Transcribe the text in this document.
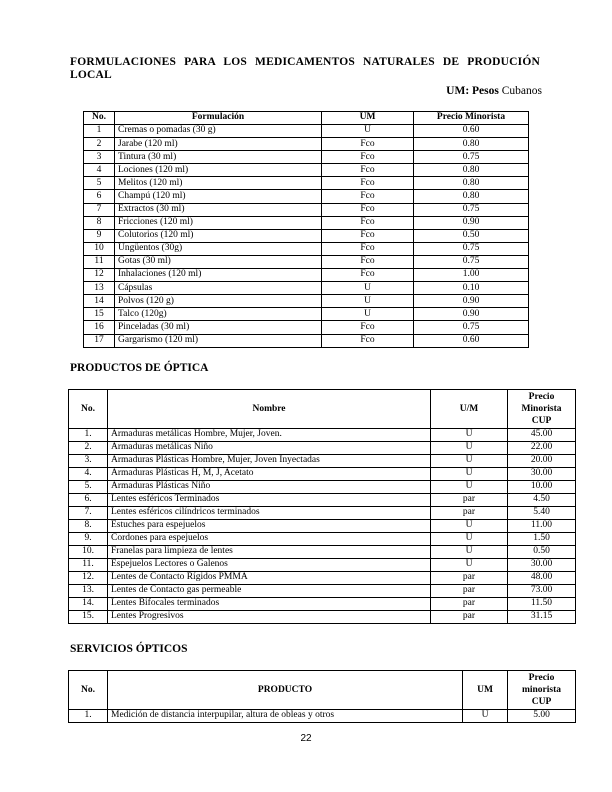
FORMULACIONES PARA LOS MEDICAMENTOS NATURALES DE PRODUCIÓN
LOCAL
UM: Pesos Cubanos
No.	Formulación	UM	Precio Minorista
1	Cremas o pomadas (30 g)	U	0.60
2	Jarabe (120 ml)	Fco	0.80
3	Tintura (30 ml)	Fco	0.75
4	Lociones (120 ml)	Fco	0.80
5	Melitos (120 ml)	Fco	0.80
6	Champú (120 ml)	Fco	0.80
7	Extractos (30 ml)	Fco	0.75
8	Fricciones (120 ml)	Fco	0.90
9	Colutorios (120 ml)	Fco	0.50
10	Ungüentos (30g)	Fco	0.75
11	Gotas (30 ml)	Fco	0.75
12	Inhalaciones (120 ml)	Fco	1.00
13	Cápsulas	U	0.10
14	Polvos (120 g)	U	0.90
15	Talco (120g)	U	0.90
16	Pinceladas (30 ml)	Fco	0.75
17	Gargarismo (120 ml)	Fco	0.60
PRODUCTOS DE ÓPTICA
No.	Nombre	U/M	Precio
Minorista
CUP
1.	Armaduras metálicas Hombre, Mujer, Joven.	U	45.00
2.	Armaduras metálicas Niño	U	22.00
3.	Armaduras Plásticas Hombre, Mujer, Joven Inyectadas	U	20.00
4.	Armaduras Plásticas H, M, J, Acetato	U	30.00
5.	Armaduras Plásticas Niño	U	10.00
6.	Lentes esféricos Terminados	par	4.50
7.	Lentes esféricos cilíndricos terminados	par	5.40
8.	Estuches para espejuelos	U	11.00
9.	Cordones para espejuelos	U	1.50
10.	Franelas para limpieza de lentes	U	0.50
11.	Espejuelos Lectores o Galenos	U	30.00
12.	Lentes de Contacto Rígidos PMMA	par	48.00
13.	Lentes de Contacto gas permeable	par	73.00
14.	Lentes Bifocales terminados	par	11.50
15.	Lentes Progresivos	par	31.15
SERVICIOS ÓPTICOS
No.	PRODUCTO	UM	Precio
minorista
CUP
1.	Medición de distancia interpupilar, altura de obleas y otros	U	5.00
22
